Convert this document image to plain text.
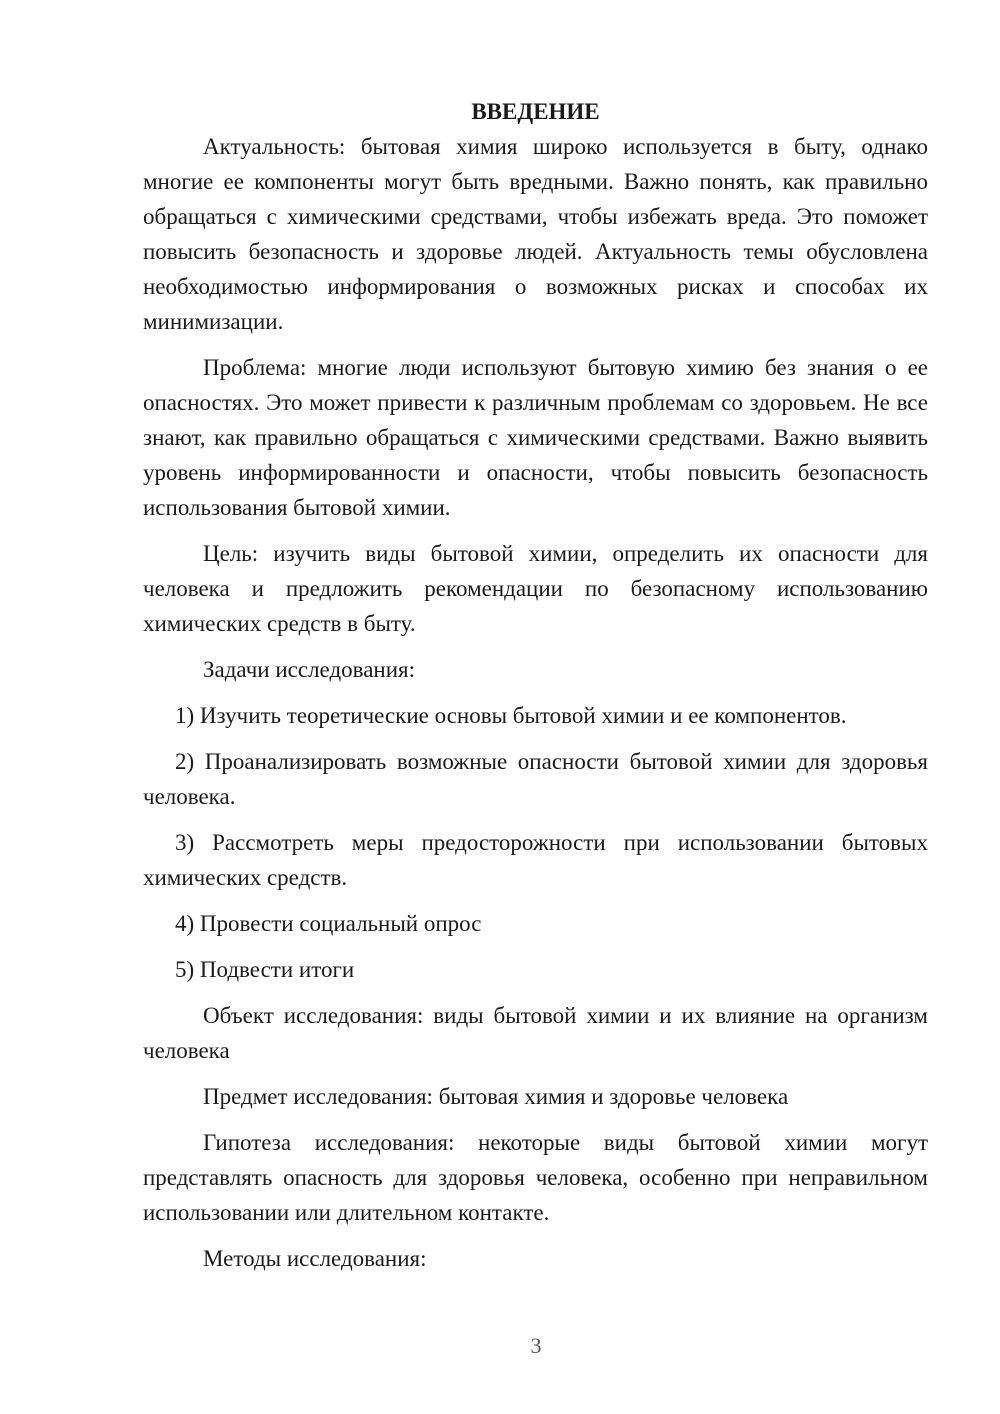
ВВЕДЕНИЕ

Актуальность: бытовая химия широко используется в быту, однако многие ее компоненты могут быть вредными. Важно понять, как правильно обращаться с химическими средствами, чтобы избежать вреда. Это поможет повысить безопасность и здоровье людей. Актуальность темы обусловлена необходимостью информирования о возможных рисках и способах их минимизации.

Проблема: многие люди используют бытовую химию без знания о ее опасностях. Это может привести к различным проблемам со здоровьем. Не все знают, как правильно обращаться с химическими средствами. Важно выявить уровень информированности и опасности, чтобы повысить безопасность использования бытовой химии.

Цель: изучить виды бытовой химии, определить их опасности для человека и предложить рекомендации по безопасному использованию химических средств в быту.

Задачи исследования:

1) Изучить теоретические основы бытовой химии и ее компонентов.

2) Проанализировать возможные опасности бытовой химии для здоровья человека.

3) Рассмотреть меры предосторожности при использовании бытовых химических средств.

4) Провести социальный опрос

5) Подвести итоги

Объект исследования: виды бытовой химии и их влияние на организм человека

Предмет исследования: бытовая химия и здоровье человека

Гипотеза исследования: некоторые виды бытовой химии могут представлять опасность для здоровья человека, особенно при неправильном использовании или длительном контакте.

Методы исследования:

3
